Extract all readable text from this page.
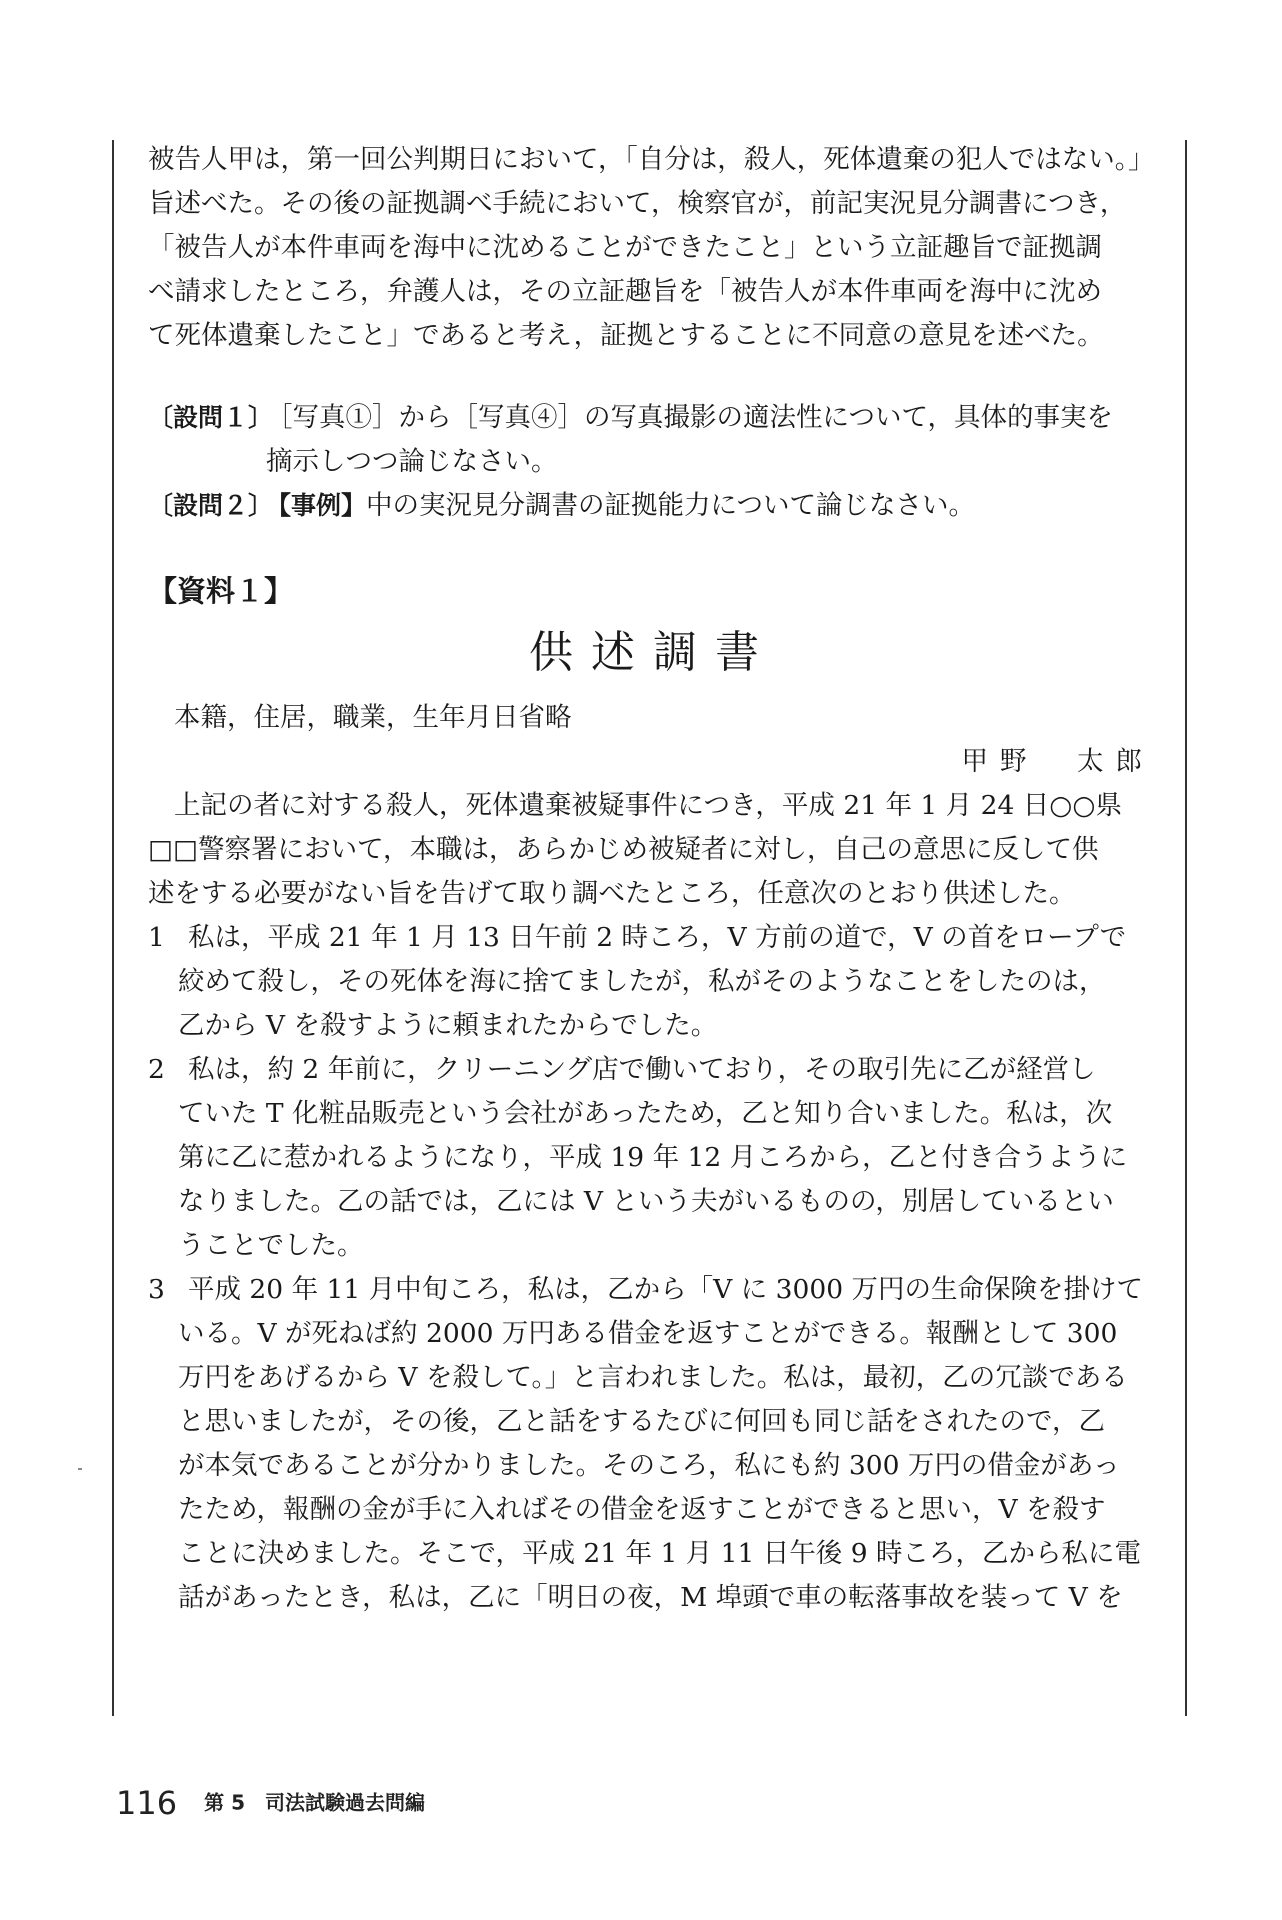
被告人甲は，第一回公判期日において，「自分は，殺人，死体遺棄の犯人ではない。」
旨述べた。その後の証拠調べ手続において，検察官が，前記実況見分調書につき，
「被告人が本件車両を海中に沈めることができたこと」という立証趣旨で証拠調
べ請求したところ，弁護人は，その立証趣旨を「被告人が本件車両を海中に沈め
て死体遺棄したこと」であると考え，証拠とすることに不同意の意見を述べた。
〔設問１〕［写真①］から［写真④］の写真撮影の適法性について，具体的事実を
摘示しつつ論じなさい。
〔設問２〕【事例】中の実況見分調書の証拠能力について論じなさい。
【資料１】
供述調書
本籍，住居，職業，生年月日省略
甲野　太郎
上記の者に対する殺人，死体遺棄被疑事件につき，平成 21 年 1 月 24 日○○県
□□警察署において，本職は，あらかじめ被疑者に対し，自己の意思に反して供
述をする必要がない旨を告げて取り調べたところ，任意次のとおり供述した。
1 私は，平成 21 年 1 月 13 日午前 2 時ころ，V 方前の道で，V の首をロープで
絞めて殺し，その死体を海に捨てましたが，私がそのようなことをしたのは，
乙から V を殺すように頼まれたからでした。
2 私は，約 2 年前に，クリーニング店で働いており，その取引先に乙が経営し
ていた T 化粧品販売という会社があったため，乙と知り合いました。私は，次
第に乙に惹かれるようになり，平成 19 年 12 月ころから，乙と付き合うように
なりました。乙の話では，乙には V という夫がいるものの，別居しているとい
うことでした。
3 平成 20 年 11 月中旬ころ，私は，乙から「V に 3000 万円の生命保険を掛けて
いる。V が死ねば約 2000 万円ある借金を返すことができる。報酬として 300
万円をあげるから V を殺して。」と言われました。私は，最初，乙の冗談である
と思いましたが，その後，乙と話をするたびに何回も同じ話をされたので，乙
が本気であることが分かりました。そのころ，私にも約 300 万円の借金があっ
たため，報酬の金が手に入ればその借金を返すことができると思い，V を殺す
ことに決めました。そこで，平成 21 年 1 月 11 日午後 9 時ころ，乙から私に電
話があったとき，私は，乙に「明日の夜，M 埠頭で車の転落事故を装って V を
116 第 5　司法試験過去問編
